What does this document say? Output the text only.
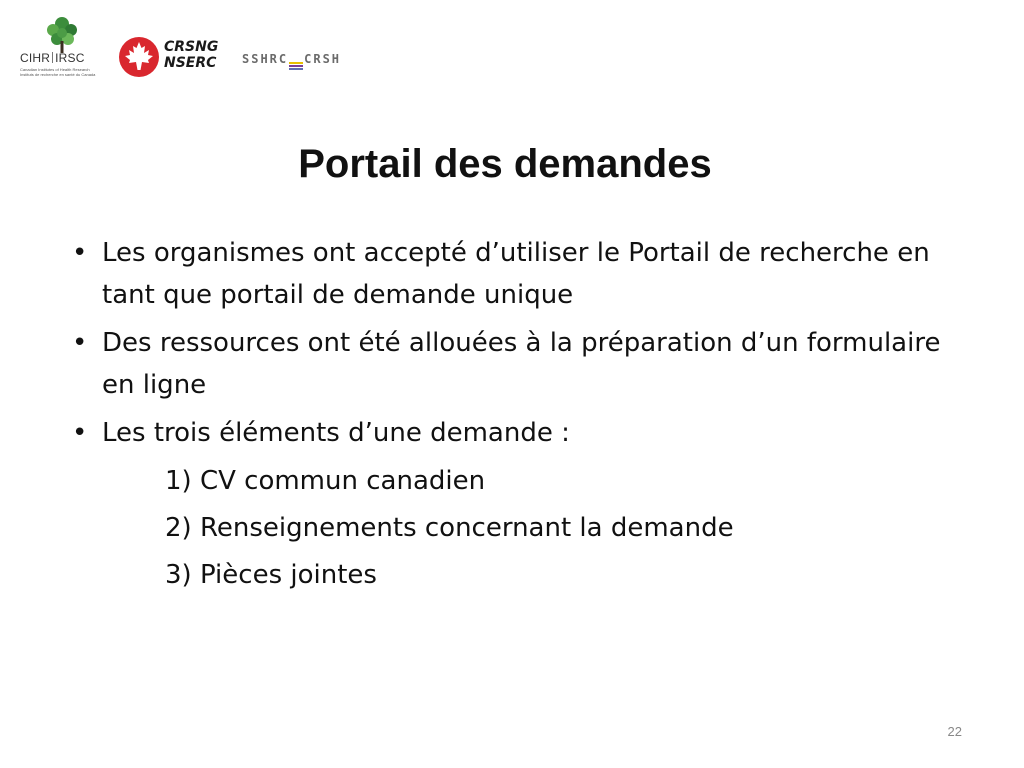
CIHR IRSC
Canadian Institutes of Health Research Instituts de recherche en santé du Canada
CRSNG
NSERC SSHRC CRSH
Portail des demandes
• Les organismes ont accepté d’utiliser le Portail de recherche en tant que portail de demande unique
• Des ressources ont été allouées à la préparation d’un formulaire en ligne
• Les trois éléments d’une demande :
1) CV commun canadien
2) Renseignements concernant la demande
3) Pièces jointes
22
